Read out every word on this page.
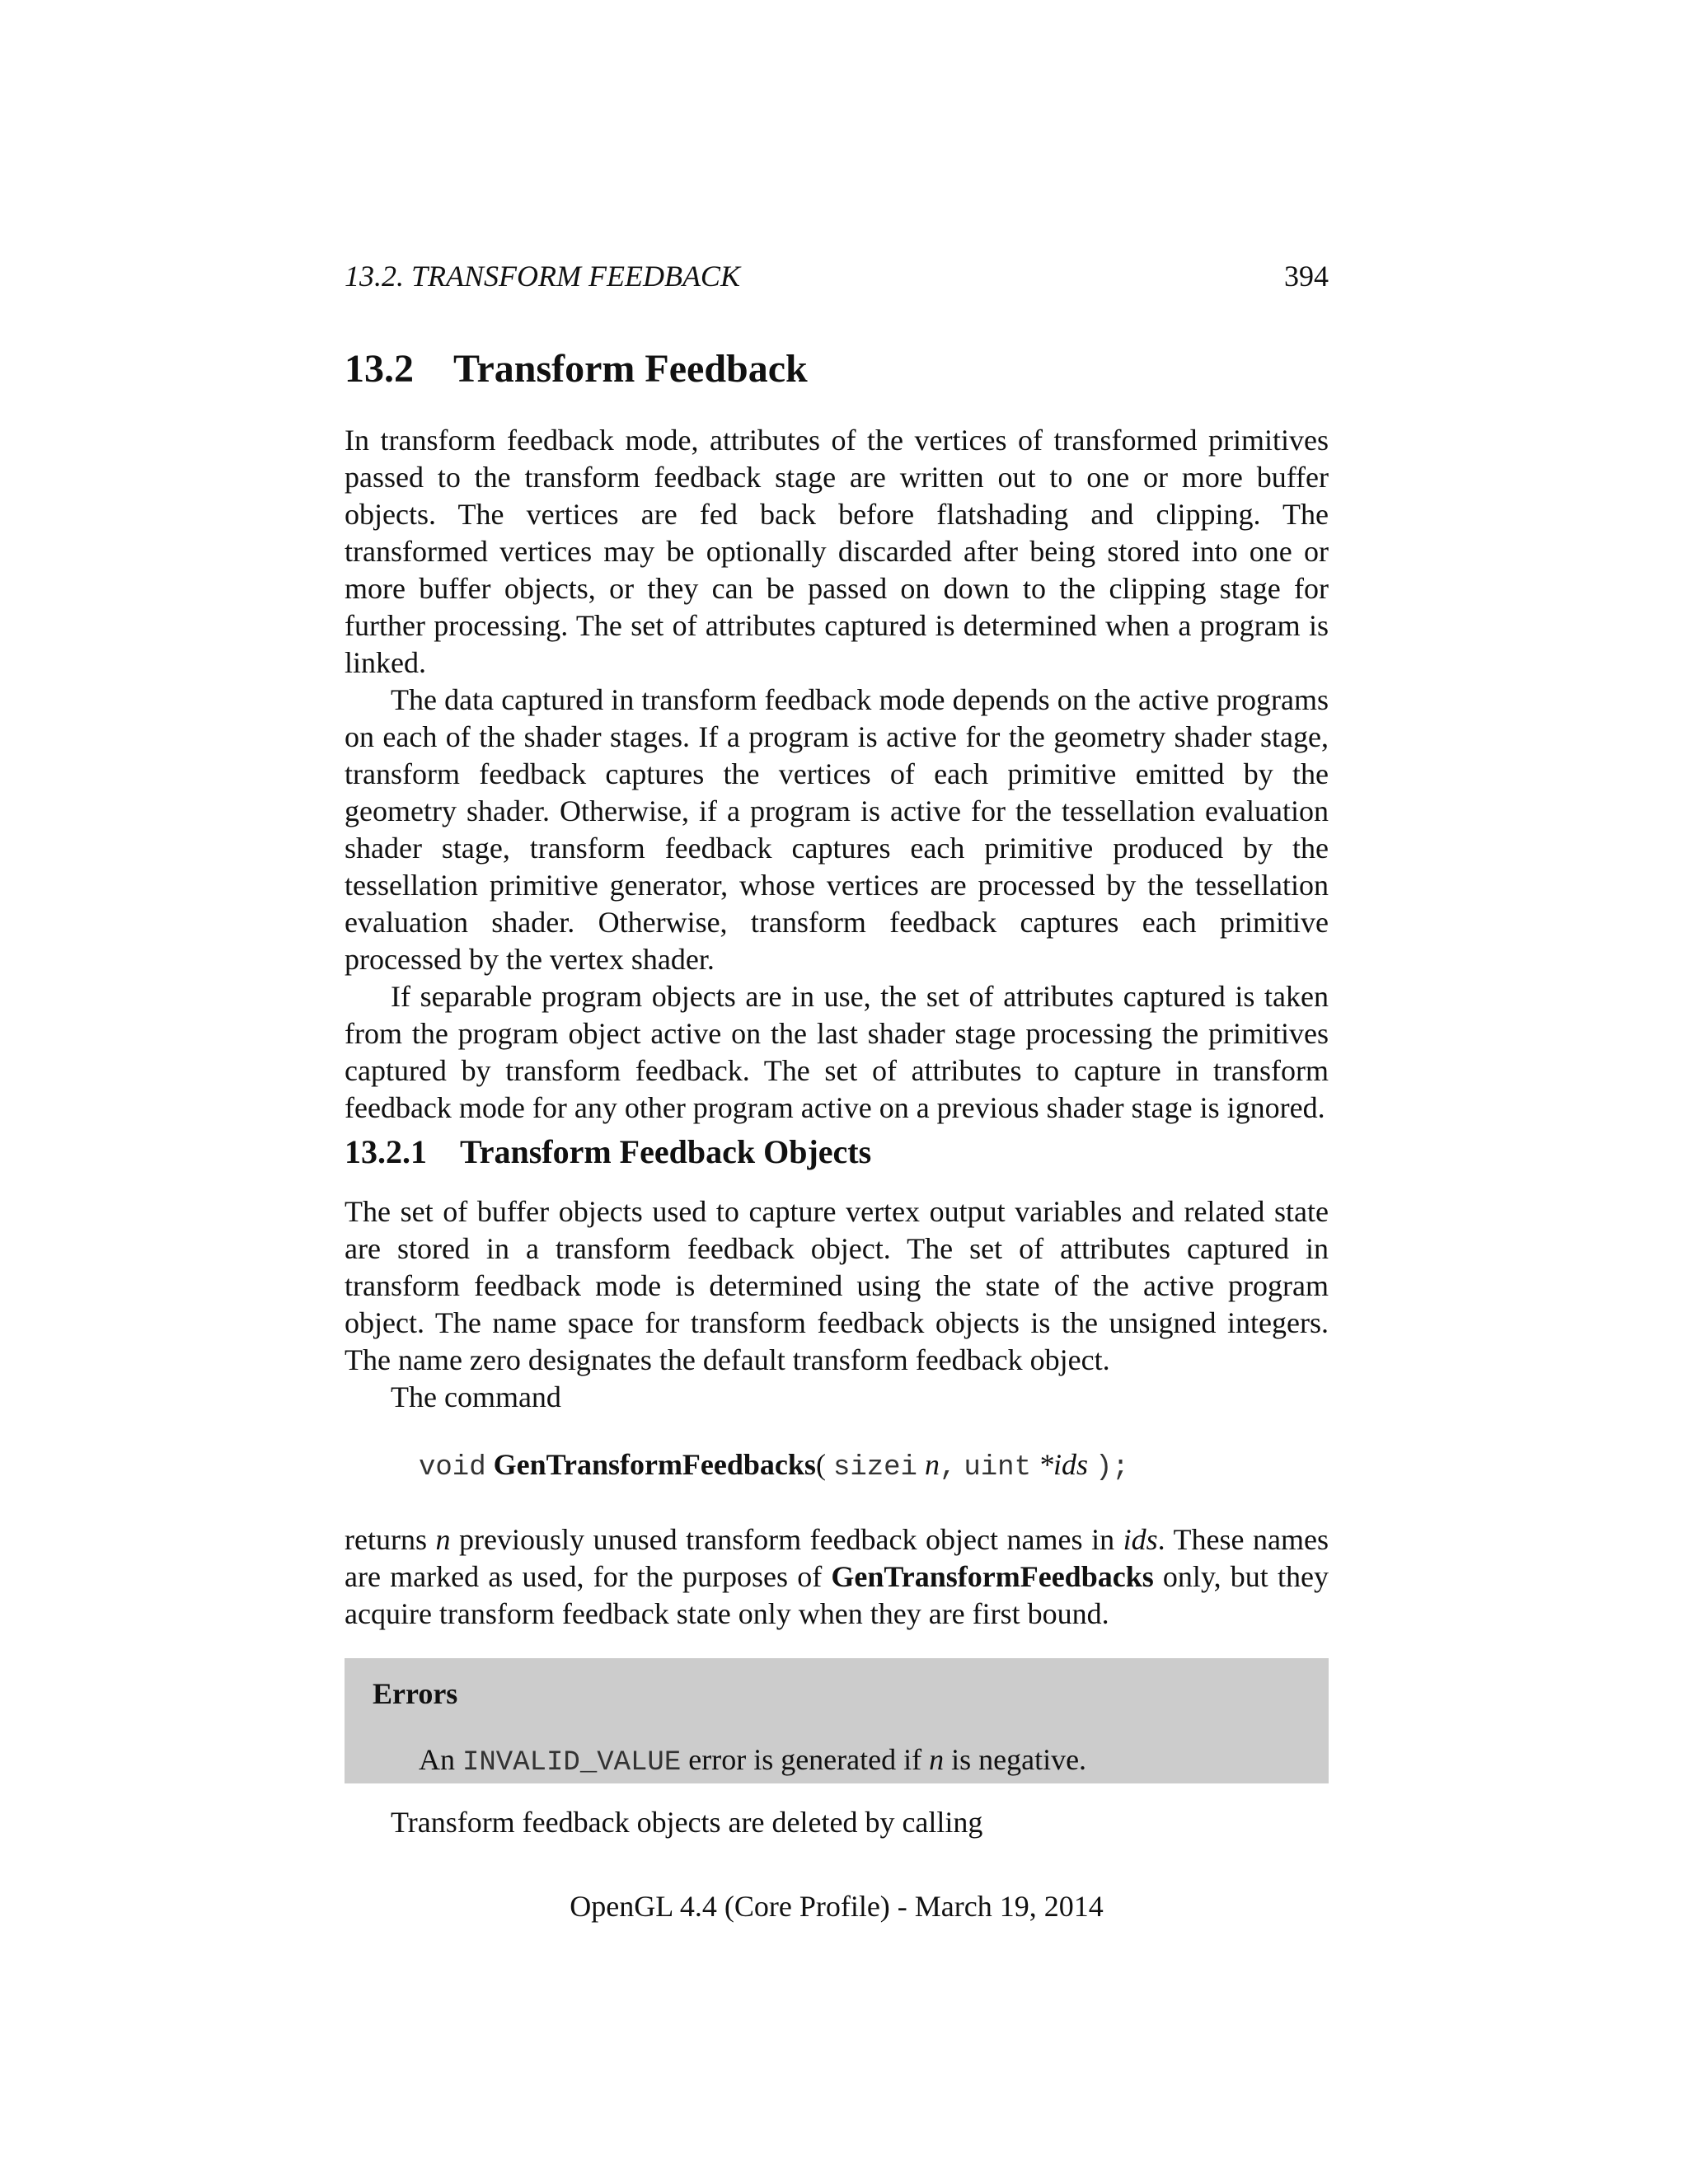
13.2. TRANSFORM FEEDBACK	394
13.2 Transform Feedback

In transform feedback mode, attributes of the vertices of transformed primitives passed to the transform feedback stage are written out to one or more buffer objects. The vertices are fed back before flatshading and clipping. The transformed vertices may be optionally discarded after being stored into one or more buffer objects, or they can be passed on down to the clipping stage for further processing. The set of attributes captured is determined when a program is linked.

The data captured in transform feedback mode depends on the active programs on each of the shader stages. If a program is active for the geometry shader stage, transform feedback captures the vertices of each primitive emitted by the geometry shader. Otherwise, if a program is active for the tessellation evaluation shader stage, transform feedback captures each primitive produced by the tessellation primitive generator, whose vertices are processed by the tessellation evaluation shader. Otherwise, transform feedback captures each primitive processed by the vertex shader.

If separable program objects are in use, the set of attributes captured is taken from the program object active on the last shader stage processing the primitives captured by transform feedback. The set of attributes to capture in transform feedback mode for any other program active on a previous shader stage is ignored.

13.2.1 Transform Feedback Objects

The set of buffer objects used to capture vertex output variables and related state are stored in a transform feedback object. The set of attributes captured in transform feedback mode is determined using the state of the active program object. The name space for transform feedback objects is the unsigned integers. The name zero designates the default transform feedback object.

The command

void GenTransformFeedbacks( sizei n, uint *ids );

returns n previously unused transform feedback object names in ids. These names are marked as used, for the purposes of GenTransformFeedbacks only, but they acquire transform feedback state only when they are first bound.

Errors
An INVALID_VALUE error is generated if n is negative.
Transform feedback objects are deleted by calling
OpenGL 4.4 (Core Profile) - March 19, 2014
